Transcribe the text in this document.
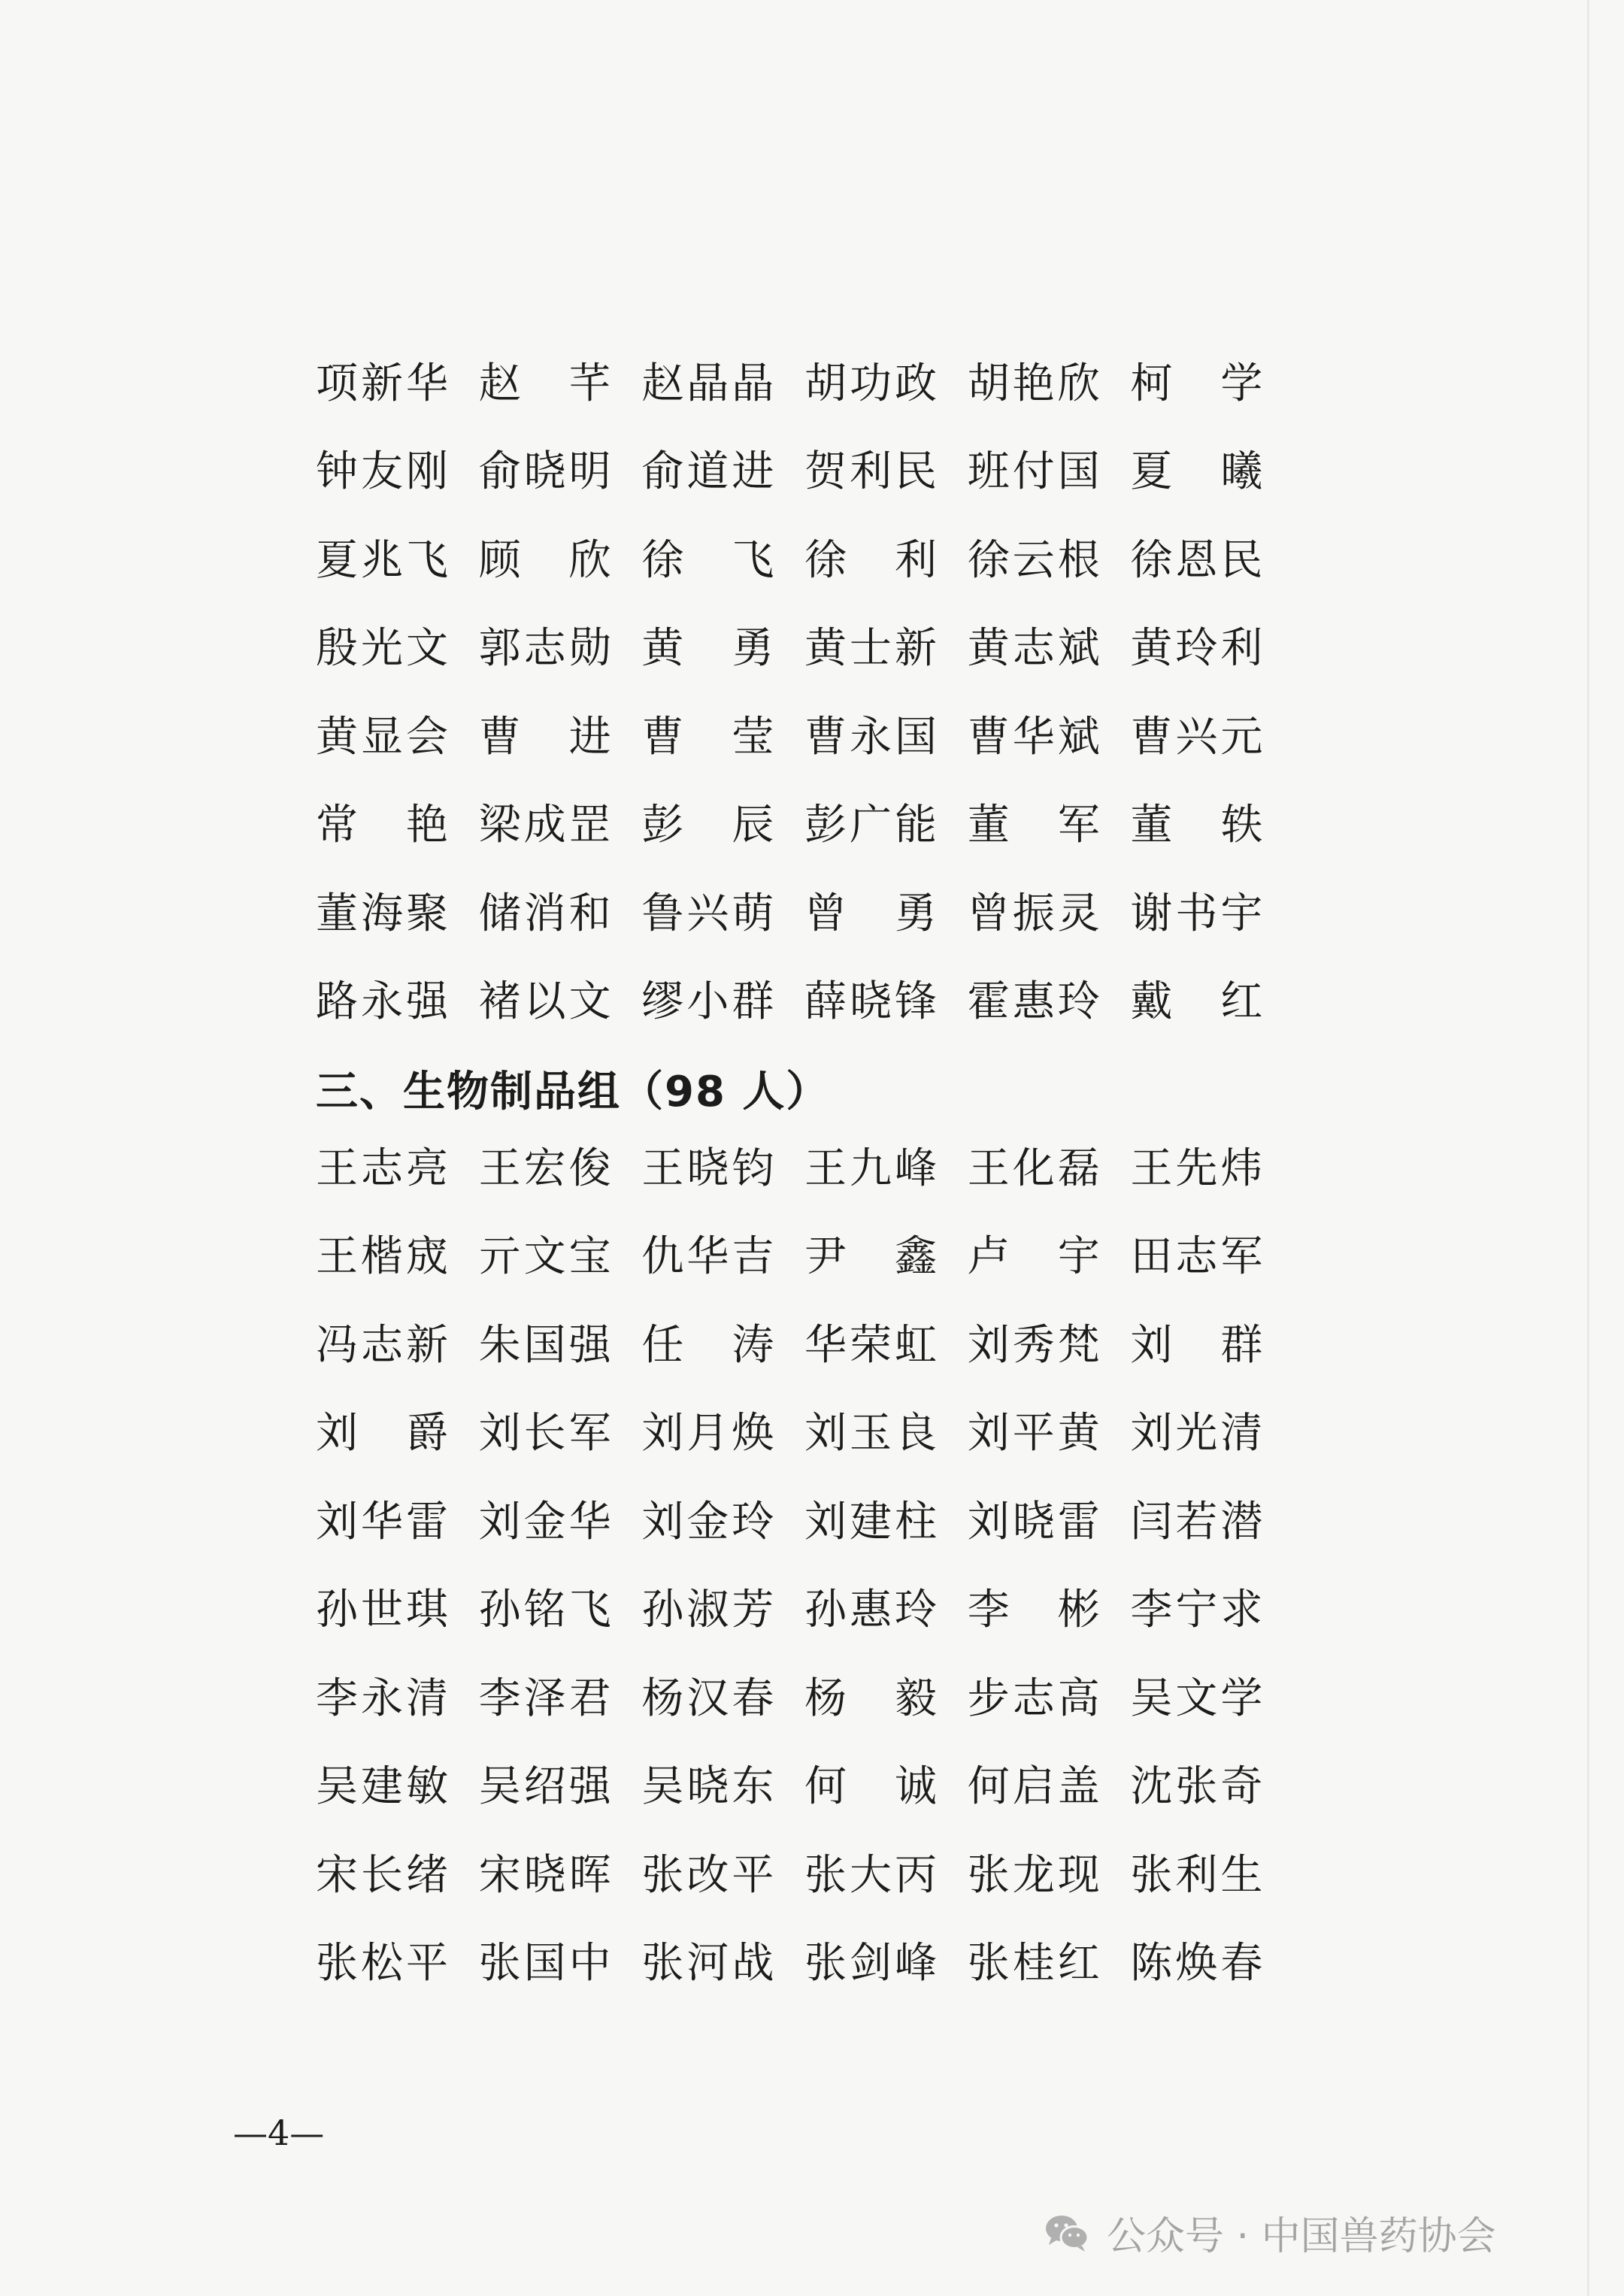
项新华 赵	芊 赵晶晶 胡功政 胡艳欣 柯	学
钟友刚 俞晓明 俞道进 贺利民 班付国 夏	曦
夏兆飞 顾	欣 徐	飞 徐	利 徐云根 徐恩民
殷光文 郭志勋 黄	勇 黄士新 黄志斌 黄玲利
黄显会 曹	进 曹	莹 曹永国 曹华斌 曹兴元
常	艳 梁成罡 彭	辰 彭广能 董	军 董	轶
董海聚 储消和 鲁兴萌 曾	勇 曾振灵 谢书宇
路永强 褚以文 缪小群 薛晓锋 霍惠玲 戴	红
三、生物制品组（98 人）
王志亮 王宏俊 王晓钧 王九峰 王化磊 王先炜
王楷宬 亓文宝 仇华吉 尹	鑫 卢	宇 田志军
冯志新 朱国强 任	涛 华荣虹 刘秀梵 刘	群
刘	爵 刘长军 刘月焕 刘玉良 刘平黄 刘光清
刘华雷 刘金华 刘金玲 刘建柱 刘晓雷 闫若潜
孙世琪 孙铭飞 孙淑芳 孙惠玲 李	彬 李宁求
李永清 李泽君 杨汉春 杨	毅 步志高 吴文学
吴建敏 吴绍强 吴晓东 何	诚 何启盖 沈张奇
宋长绪 宋晓晖 张改平 张大丙 张龙现 张利生
张松平 张国中 张河战 张剑峰 张桂红 陈焕春
—4—
公众号 · 中国兽药协会
